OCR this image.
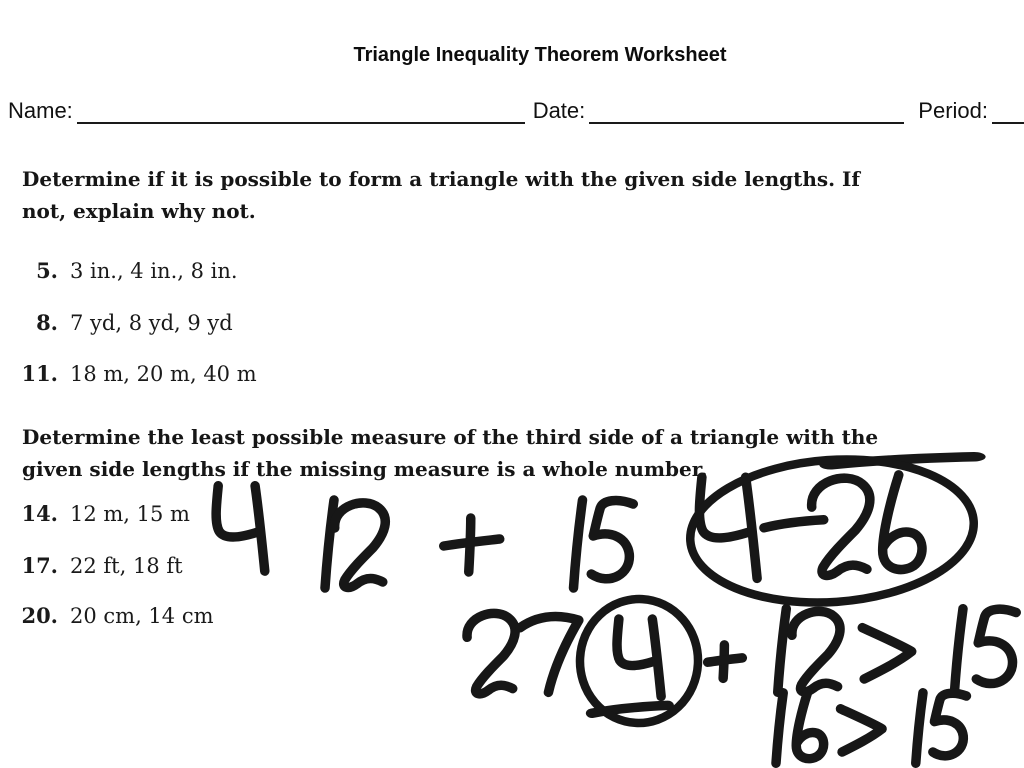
Triangle Inequality Theorem Worksheet
Name:	Date:	Period:
Determine if it is possible to form a triangle with the given side lengths. If
not, explain why not.
5. 3 in., 4 in., 8 in.
8. 7 yd, 8 yd, 9 yd
11. 18 m, 20 m, 40 m
Determine the least possible measure of the third side of a triangle with the
given side lengths if the missing measure is a whole number.
14. 12 m, 15 m
17. 22 ft, 18 ft
20. 20 cm, 14 cm
